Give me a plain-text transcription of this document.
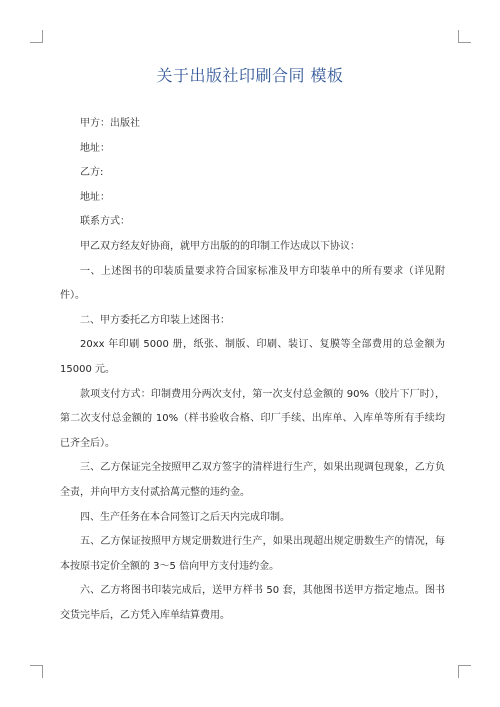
关于出版社印刷合同 模板

甲方：出版社

地址：

乙方:

地址：

联系方式：

甲乙双方经友好协商，就甲方出版的的印制工作达成以下协议：

一、上述图书的印装质量要求符合国家标准及甲方印装单中的所有要求（详见附件）。

二、甲方委托乙方印装上述图书：

20xx 年印刷 5000 册，纸张、制版、印刷、装订、复膜等全部费用的总金额为 15000 元。

款项支付方式：印制费用分两次支付，第一次支付总金额的 90%（胶片下厂时），第二次支付总金额的 10%（样书验收合格、印厂手续、出库单、入库单等所有手续均已齐全后）。

三、乙方保证完全按照甲乙双方签字的清样进行生产，如果出现调包现象，乙方负全责，并向甲方支付贰拾萬元整的违约金。

四、生产任务在本合同签订之后天内完成印制。

五、乙方保证按照甲方规定册数进行生产，如果出现超出规定册数生产的情况，每本按原书定价全额的 3～5 倍向甲方支付违约金。

六、乙方将图书印装完成后，送甲方样书 50 套，其他图书送甲方指定地点。图书交货完毕后，乙方凭入库单结算费用。
